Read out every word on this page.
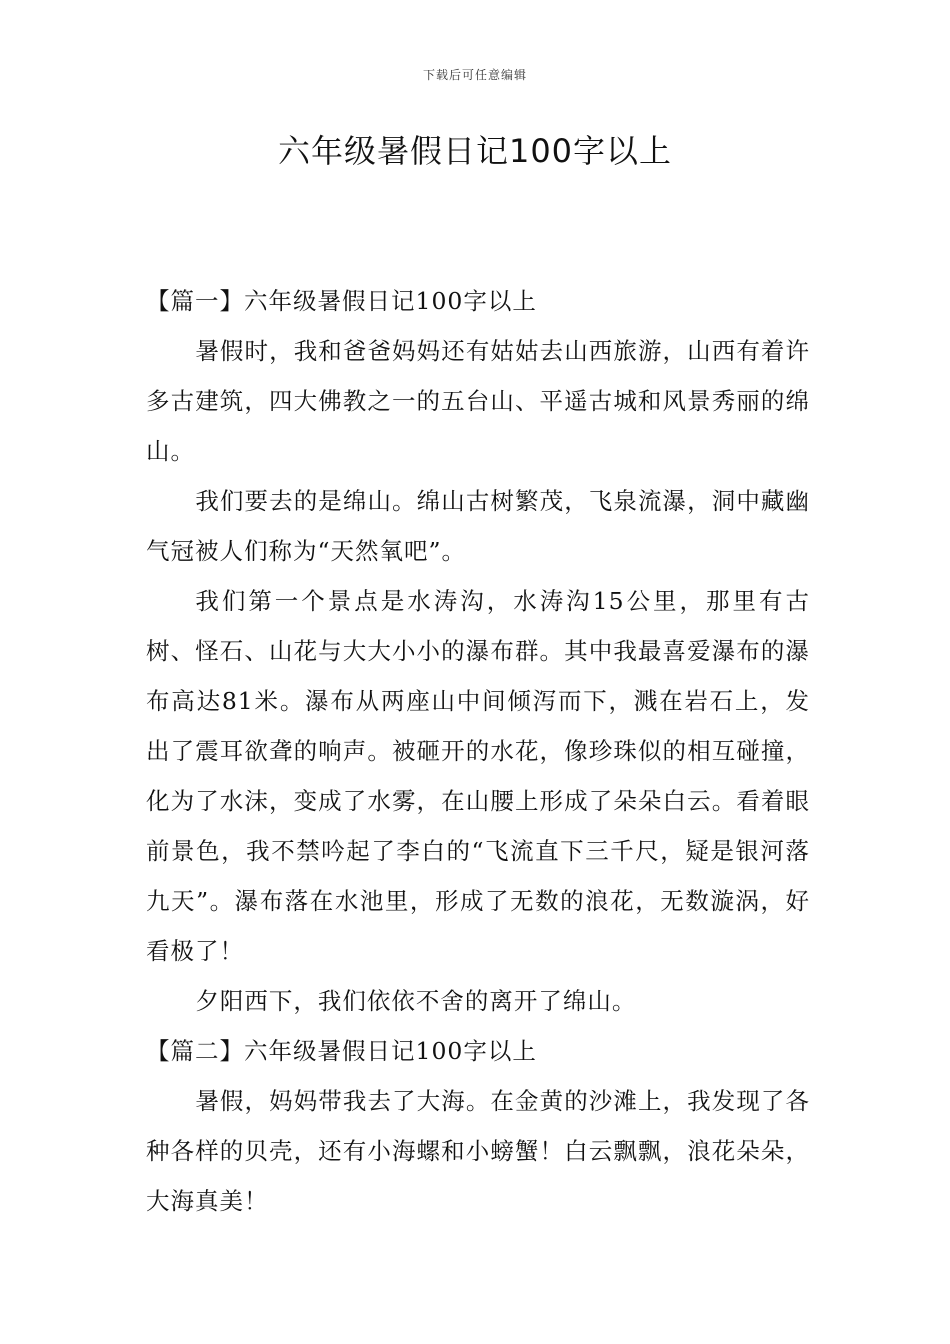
下载后可任意编辑
六年级暑假日记100字以上
【篇一】六年级暑假日记100字以上

暑假时，我和爸爸妈妈还有姑姑去山西旅游，山西有着许多古建筑，四大佛教之一的五台山、平遥古城和风景秀丽的绵山。

我们要去的是绵山。绵山古树繁茂，飞泉流瀑，洞中藏幽气冠被人们称为“天然氧吧”。

我们第一个景点是水涛沟，水涛沟15公里，那里有古树、怪石、山花与大大小小的瀑布群。其中我最喜爱瀑布的瀑布高达81米。瀑布从两座山中间倾泻而下，溅在岩石上，发出了震耳欲聋的响声。被砸开的水花，像珍珠似的相互碰撞，化为了水沫，变成了水雾，在山腰上形成了朵朵白云。看着眼前景色，我不禁吟起了李白的“飞流直下三千尺，疑是银河落九天”。瀑布落在水池里，形成了无数的浪花，无数漩涡，好看极了！

夕阳西下，我们依依不舍的离开了绵山。

【篇二】六年级暑假日记100字以上

暑假，妈妈带我去了大海。在金黄的沙滩上，我发现了各种各样的贝壳，还有小海螺和小螃蟹！白云飘飘，浪花朵朵，大海真美！
